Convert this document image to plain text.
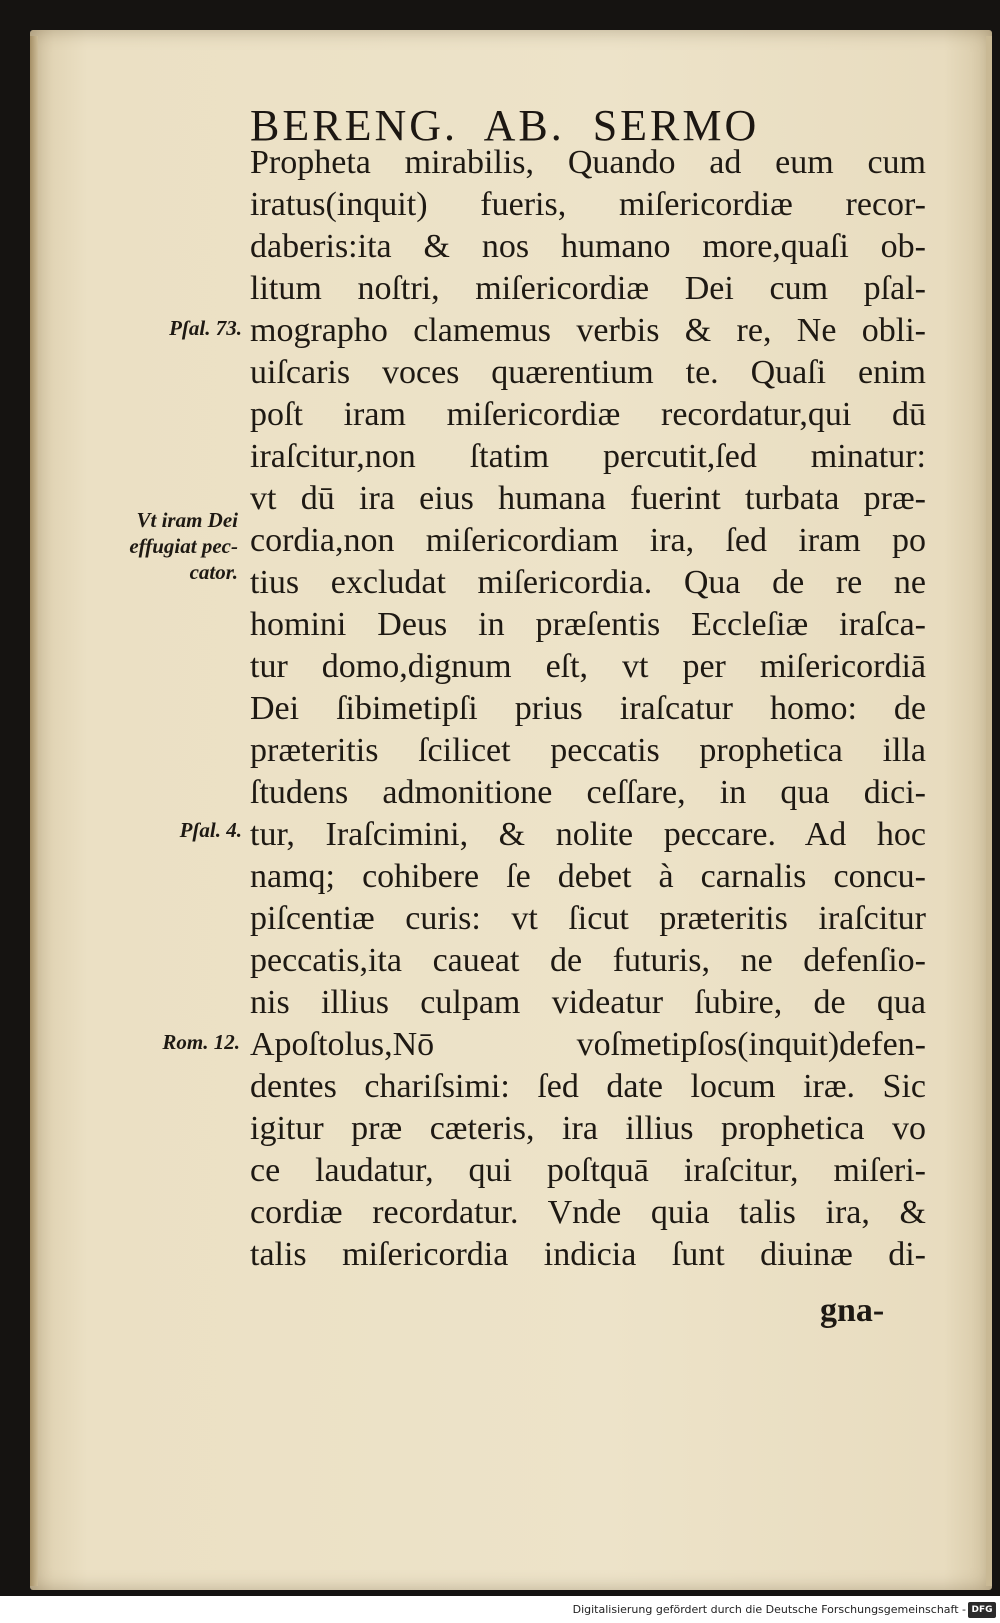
BERENG.  AB.  SERMO
Propheta mirabilis, Quando ad eum cum
iratus(inquit) fueris, miſericordiæ recor-
daberis:ita & nos humano more,quaſi ob-
litum noſtri, miſericordiæ Dei cum pſal-
mographo clamemus verbis & re, Ne obli-
uiſcaris voces quærentium te. Quaſi enim
poſt iram miſericordiæ recordatur,qui dū
iraſcitur,non ſtatim percutit,ſed minatur:
vt dū ira eius humana fuerint turbata præ-
cordia,non miſericordiam ira, ſed iram po
tius excludat miſericordia. Qua de re ne
homini Deus in præſentis Eccleſiæ iraſca-
tur domo,dignum eſt, vt per miſericordiā
Dei ſibimetipſi prius iraſcatur homo: de
præteritis ſcilicet peccatis prophetica illa
ſtudens admonitione ceſſare, in qua dici-
tur, Iraſcimini, & nolite peccare. Ad hoc
namq; cohibere ſe debet à carnalis concu-
piſcentiæ curis: vt ſicut præteritis iraſcitur
peccatis,ita caueat de futuris, ne defenſio-
nis illius culpam videatur ſubire, de qua
Apoſtolus,Nō voſmetipſos(inquit)defen-
dentes chariſsimi: ſed date locum iræ. Sic
igitur præ cæteris, ira illius prophetica vo
ce laudatur, qui poſtquā iraſcitur, miſeri-
cordiæ recordatur. Vnde quia talis ira, &
talis miſericordia indicia ſunt diuinæ di-
gna-
Pſal. 73.
Vt iram Dei
effugiat pec-
cator.
Pſal. 4.
Rom. 12.
Digitalisierung gefördert durch die Deutsche Forschungsgemeinschaft - DFG
